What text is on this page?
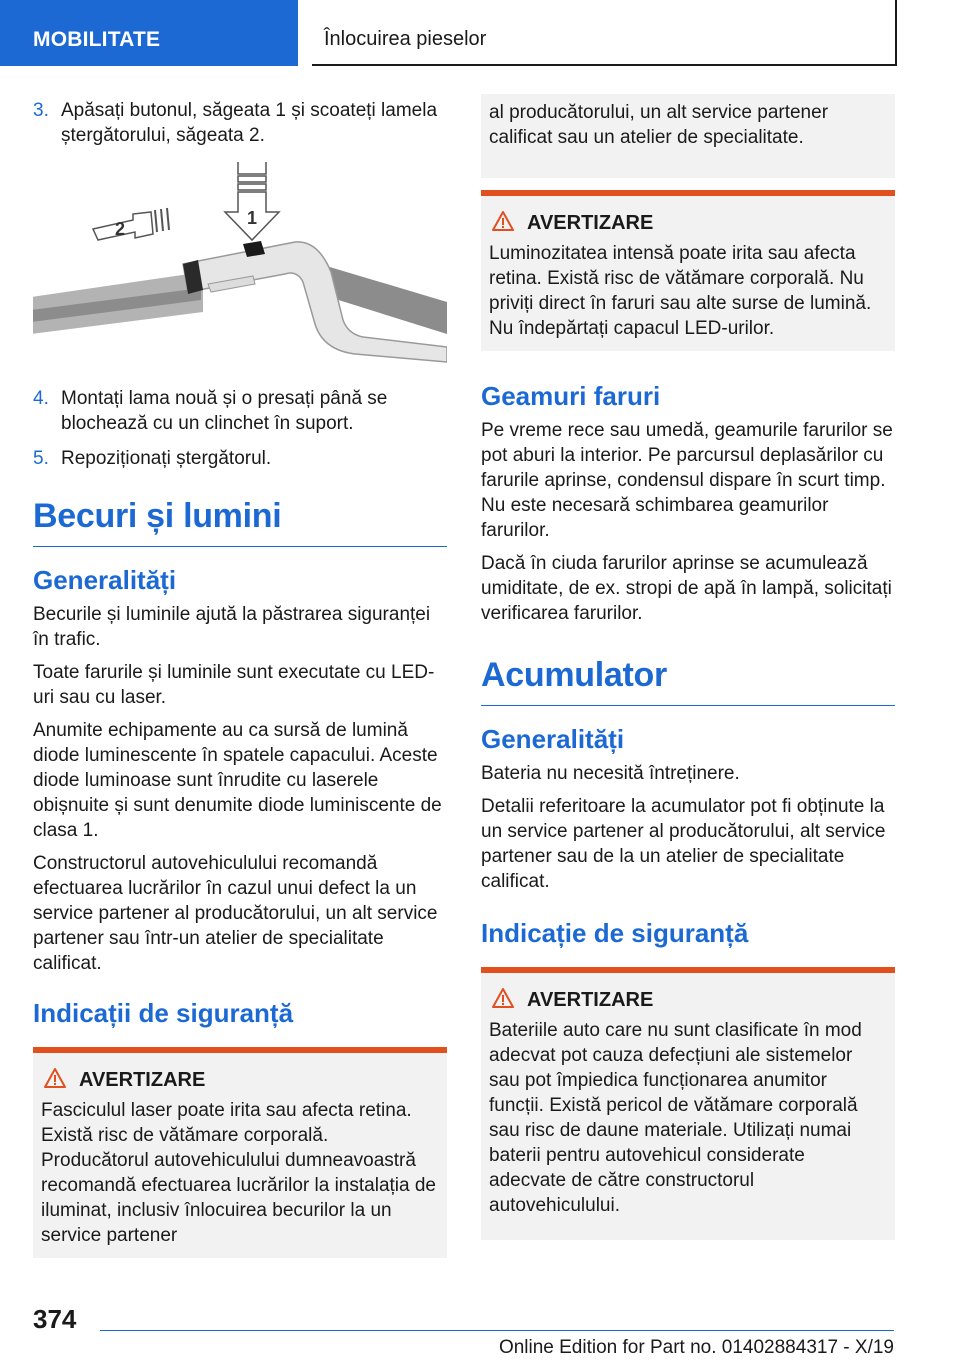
MOBILITATE	Înlocuirea pieselor
3. Apăsați butonul, săgeata 1 și scoateți lamela ștergătorului, săgeata 2.
2
1
4. Montați lama nouă și o presați până se blochează cu un clinchet în suport.
5. Repoziționați ștergătorul.
Becuri și lumini
Generalități

Becurile și luminile ajută la păstrarea siguranței în trafic.

Toate farurile și luminile sunt executate cu LED-uri sau cu laser.

Anumite echipamente au ca sursă de lumină diode luminescente în spatele capacului. Aceste diode luminoase sunt înrudite cu laserele obișnuite și sunt denumite diode luminiscente de clasa 1.

Constructorul autovehiculului recomandă efectuarea lucrărilor în cazul unui defect la un service partener al producătorului, un alt service partener sau într-un atelier de specialitate calificat.

Indicații de siguranță
AVERTIZARE
Fasciculul laser poate irita sau afecta retina. Există risc de vătămare corporală. Producătorul autovehiculului dumneavoastră recomandă efectuarea lucrărilor la instalația de iluminat, inclusiv înlocuirea becurilor la un service partener
al producătorului, un alt service partener calificat sau un atelier de specialitate.
AVERTIZARE
Luminozitatea intensă poate irita sau afecta retina. Există risc de vătămare corporală. Nu priviți direct în faruri sau alte surse de lumină. Nu îndepărtați capacul LED-urilor.
Geamuri faruri

Pe vreme rece sau umedă, geamurile farurilor se pot aburi la interior. Pe parcursul deplasărilor cu farurile aprinse, condensul dispare în scurt timp. Nu este necesară schimbarea geamurilor farurilor.

Dacă în ciuda farurilor aprinse se acumulează umiditate, de ex. stropi de apă în lampă, solicitați verificarea farurilor.

Acumulator
Generalități

Bateria nu necesită întreținere.

Detalii referitoare la acumulator pot fi obținute la un service partener al producătorului, alt service partener sau de la un atelier de specialitate calificat.

Indicație de siguranță
AVERTIZARE
Bateriile auto care nu sunt clasificate în mod adecvat pot cauza defecțiuni ale sistemelor sau pot împiedica funcționarea anumitor funcții. Există pericol de vătămare corporală sau risc de daune materiale. Utilizați numai baterii pentru autovehicul considerate adecvate de către constructorul autovehiculului.
374
Online Edition for Part no. 01402884317 - X/19
